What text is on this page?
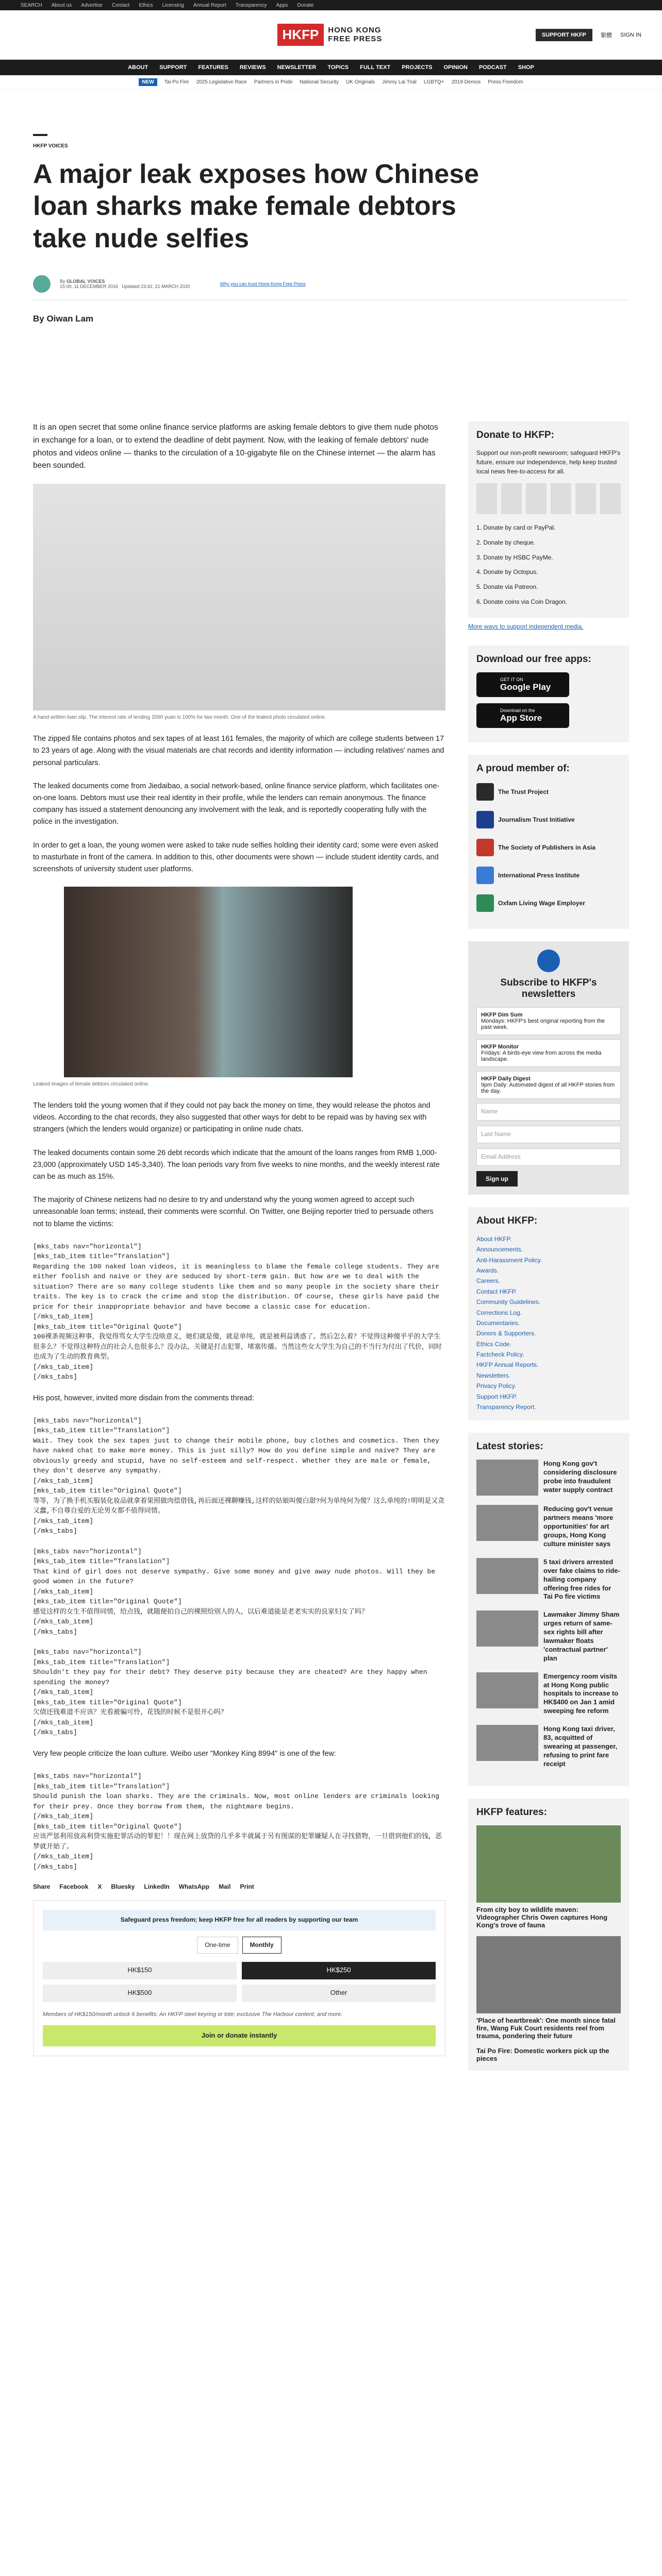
SEARCH About us Advertise Contact Ethics Licensing Annual Report Transparency Apps Donate
HKFP	HONG KONG
FREE PRESS	SUPPORT HKFP	繁體 SIGN IN
ABOUT SUPPORT FEATURES REVIEWS NEWSLETTER TOPICS FULL TEXT PROJECTS OPINION PODCAST SHOP
NEW	Tai Po Fire 2025 Legislative Race Partners in Pride National Security UK Originals Jimmy Lai Trial LGBTQ+ 2019 Demos Press Freedom
HKFP VOICES
A major leak exposes how Chinese loan sharks make female debtors take nude selfies
By GLOBAL VOICES
15:00, 11 DECEMBER 2016 Updated 23:42, 21 MARCH 2020	Why you can trust Hong Kong Free Press
By Oiwan Lam

It is an open secret that some online finance service platforms are asking female debtors to give them nude photos in exchange for a loan, or to extend the deadline of debt payment. Now, with the leaking of female debtors' nude photos and videos online — thanks to the circulation of a 10-gigabyte file on the Chinese internet — the alarm has been sounded.

A hand written loan slip. The interest rate of lending 2000 yuan is 100% for two month. One of the leaked photo circulated online.

The zipped file contains photos and sex tapes of at least 161 females, the majority of which are college students between 17 to 23 years of age. Along with the visual materials are chat records and identity information — including relatives' names and personal particulars.

The leaked documents come from Jiedaibao, a social network-based, online finance service platform, which facilitates one-on-one loans. Debtors must use their real identity in their profile, while the lenders can remain anonymous. The finance company has issued a statement denouncing any involvement with the leak, and is reportedly cooperating fully with the police in the investigation.

In order to get a loan, the young women were asked to take nude selfies holding their identity card; some were even asked to masturbate in front of the camera. In addition to this, other documents were shown — include student identity cards, and screenshots of university student user platforms.

Leaked images of female debtors circulated online.

The lenders told the young women that if they could not pay back the money on time, they would release the photos and videos. According to the chat records, they also suggested that other ways for debt to be repaid was by having sex with strangers (which the lenders would organize) or participating in online nude chats.

The leaked documents contain some 26 debt records which indicate that the amount of the loans ranges from RMB 1,000-23,000 (approximately USD 145-3,340). The loan periods vary from five weeks to nine months, and the weekly interest rate can be as much as 15%.

The majority of Chinese netizens had no desire to try and understand why the young women agreed to accept such unreasonable loan terms; instead, their comments were scornful. On Twitter, one Beijing reporter tried to persuade others not to blame the victims:

[mks_tabs nav="horizontal"]
[mks_tab_item title="Translation"]
Regarding the 100 naked loan videos, it is meaningless to blame the female college students. They are either foolish and naive or they are seduced by short-term gain. But how are we to deal with the situation? There are so many college students like them and so many people in the society share their traits. The key is to crack the crime and stop the distribution. Of course, these girls have paid the price for their inappropriate behavior and have become a classic case for education.
[/mks_tab_item]
[mks_tab_item title="Original Quote"]
100裸条视频这种事，我觉得骂女大学生没啥意义，她们就是傻，就是单纯，就是被利益诱惑了。然后怎么着？不觉得这种傻乎乎的大学生很多么？不觉得这种特点的社会人也很多么？没办法，关键是打击犯罪，堵塞传播。当然这些女大学生为自己的不当行为付出了代价，同时也成为了生动的教育典型。
[/mks_tab_item]
[/mks_tabs]

His post, however, invited more disdain from the comments thread:

[mks_tabs nav="horizontal"]
[mks_tab_item title="Translation"]
Wait. They took the sex tapes just to change their mobile phone, buy clothes and cosmetics. Then they have naked chat to make more money. This is just silly? How do you define simple and naive? They are obviously greedy and stupid, have no self-esteem and self-respect. Whether they are male or female, they don't deserve any sympathy.
[/mks_tab_item]
[mks_tab_item title="Original Quote"]
等等，为了换手机买服装化妆品就拿着果照做肉偿借钱,再后面还裸聊赚钱,这样的姑娘叫傻白甜?何为单纯何为傻？这么单纯的!明明是又贪又蠢,不自尊自爱的无论男女都不值得同情。
[/mks_tab_item]
[/mks_tabs]
[mks_tabs nav="horizontal"]
[mks_tab_item title="Translation"]
That kind of girl does not deserve sympathy. Give some money and give away nude photos. Will they be good women in the future?
[/mks_tab_item]
[mks_tab_item title="Original Quote"]
感觉这样的女生不值得同情，给点钱，就随便拍自己的裸照给别人的人，以后难道能是老老实实的良家妇女了吗？
[/mks_tab_item]
[/mks_tabs]
[mks_tabs nav="horizontal"]
[mks_tab_item title="Translation"]
Shouldn't they pay for their debt? They deserve pity because they are cheated? Are they happy when spending the money?
[/mks_tab_item]
[mks_tab_item title="Original Quote"]
欠债还钱难道不应该？光看被骗可怜，花钱的时候不是很开心吗？
[/mks_tab_item]
[/mks_tabs]

Very few people criticize the loan culture. Weibo user "Monkey King 8994" is one of the few:

[mks_tabs nav="horizontal"]
[mks_tab_item title="Translation"]
Should punish the loan sharks. They are the criminals. Now, most online lenders are criminals looking for their prey. Once they borrow from them, the nightmare begins.
[/mks_tab_item]
[mks_tab_item title="Original Quote"]
应该严惩利用放高利贷实施犯罪活动的罪犯！！现在网上放贷的几乎多半就属于另有图谋的犯罪嫌疑人在寻找猎物，一旦借到他们的钱，恶梦就开始了。
[/mks_tab_item]
[/mks_tabs]
Share Facebook X Bluesky LinkedIn WhatsApp Mail Print
Safeguard press freedom; keep HKFP free for all readers by supporting our team
One-time	Monthly
HK$150	HK$250
HK$500	Other
Members of HK$150/month unlock 6 benefits: An HKFP steel keyring or tote; exclusive The Harbour content; and more.
Join or donate instantly
Donate to HKFP:

Support our non-profit newsroom; safeguard HKFP's future, ensure our independence, help keep trusted local news free-to-access for all.

1. Donate by card or PayPal.
2. Donate by cheque.
3. Donate by HSBC PayMe.
4. Donate by Octopus.
5. Donate via Patreon.
6. Donate coins via Coin Dragon.
More ways to support independent media.
Download our free apps:
GET IT ON
Google Play
Download on the
App Store
A proud member of:
The Trust Project
Journalism Trust Initiative
The Society of Publishers in Asia
International Press Institute
Oxfam Living Wage Employer
Subscribe to HKFP's newsletters
HKFP Dim Sum
Mondays: HKFP's best original reporting from the past week.
HKFP Monitor
Fridays: A birds-eye view from across the media landscape.
HKFP Daily Digest
9pm Daily: Automated digest of all HKFP stories from the day.
Name
Last Name
Email Address
Sign up
About HKFP:
About HKFP.
Announcements.
Anti-Harassment Policy.
Awards.
Careers.
Contact HKFP.
Community Guidelines.
Corrections Log.
Documentaries.
Donors & Supporters.
Ethics Code.
Factcheck Policy.
HKFP Annual Reports.
Newsletters.
Privacy Policy.
Support HKFP.
Transparency Report.
Latest stories:
Hong Kong gov't considering disclosure probe into fraudulent water supply contract
Reducing gov't venue partners means 'more opportunities' for art groups, Hong Kong culture minister says
5 taxi drivers arrested over fake claims to ride-hailing company offering free rides for Tai Po fire victims
Lawmaker Jimmy Sham urges return of same-sex rights bill after lawmaker floats 'contractual partner' plan
Emergency room visits at Hong Kong public hospitals to increase to HK$400 on Jan 1 amid sweeping fee reform
Hong Kong taxi driver, 83, acquitted of swearing at passenger, refusing to print fare receipt
HKFP features:
From city boy to wildlife maven: Videographer Chris Owen captures Hong Kong's trove of fauna
'Place of heartbreak': One month since fatal fire, Wang Fuk Court residents reel from trauma, pondering their future
Tai Po Fire: Domestic workers pick up the pieces
